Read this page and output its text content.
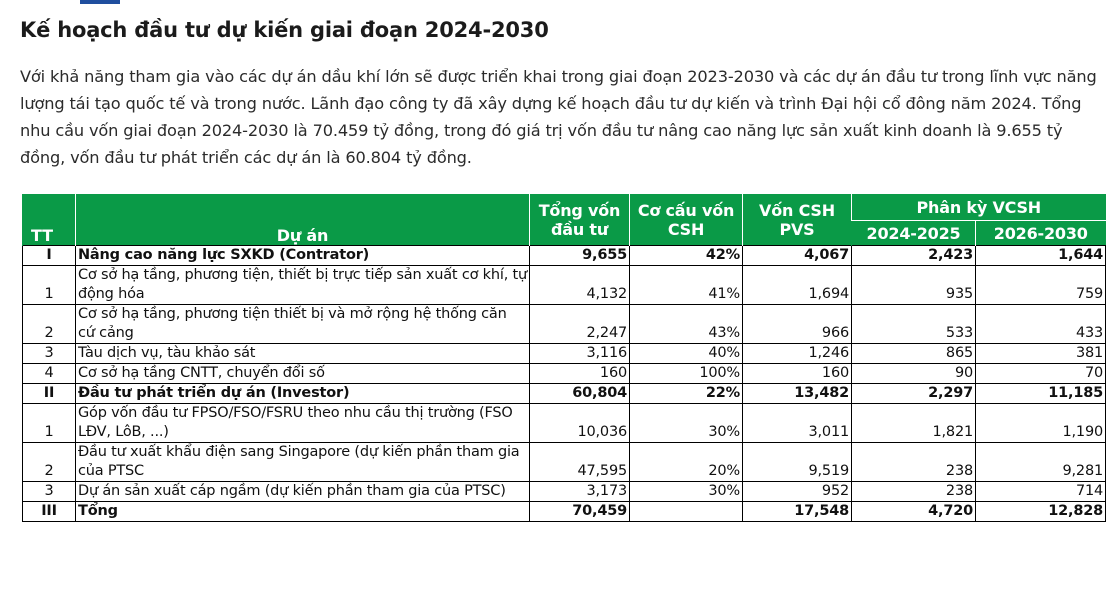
Kế hoạch đầu tư dự kiến giai đoạn 2024-2030

Với khả năng tham gia vào các dự án dầu khí lớn sẽ được triển khai trong giai đoạn 2023-2030 và các dự án đầu tư trong lĩnh vực năng lượng tái tạo quốc tế và trong nước. Lãnh đạo công ty đã xây dựng kế hoạch đầu tư dự kiến và trình Đại hội cổ đông năm 2024. Tổng nhu cầu vốn giai đoạn 2024-2030 là 70.459 tỷ đồng, trong đó giá trị vốn đầu tư nâng cao năng lực sản xuất kinh doanh là 9.655 tỷ đồng, vốn đầu tư phát triển các dự án là 60.804 tỷ đồng.

TT	Dự án	Tổng vốn đầu tư	Cơ cấu vốn CSH	Vốn CSH PVS	Phân kỳ VCSH	
					2024-2025	2026-2030
I	Nâng cao năng lực SXKD (Contrator)	9,655	42%	4,067	2,423	1,644
1	Cơ sở hạ tầng, phương tiện, thiết bị trực tiếp sản xuất cơ khí, tự động hóa	4,132	41%	1,694	935	759
2	Cơ sở hạ tầng, phương tiện thiết bị và mở rộng hệ thống căn cứ cảng	2,247	43%	966	533	433
3	Tàu dịch vụ, tàu khảo sát	3,116	40%	1,246	865	381
4	Cơ sở hạ tầng CNTT, chuyển đổi số	160	100%	160	90	70
II	Đầu tư phát triển dự án (Investor)	60,804	22%	13,482	2,297	11,185
1	Góp vốn đầu tư FPSO/FSO/FSRU theo nhu cầu thị trường (FSO LĐV, LôB, ...)	10,036	30%	3,011	1,821	1,190
2	Đầu tư xuất khẩu điện sang Singapore (dự kiến phần tham gia của PTSC	47,595	20%	9,519	238	9,281
3	Dự án sản xuất cáp ngầm (dự kiến phần tham gia của PTSC)	3,173	30%	952	238	714
III	Tổng	70,459		17,548	4,720	12,828
